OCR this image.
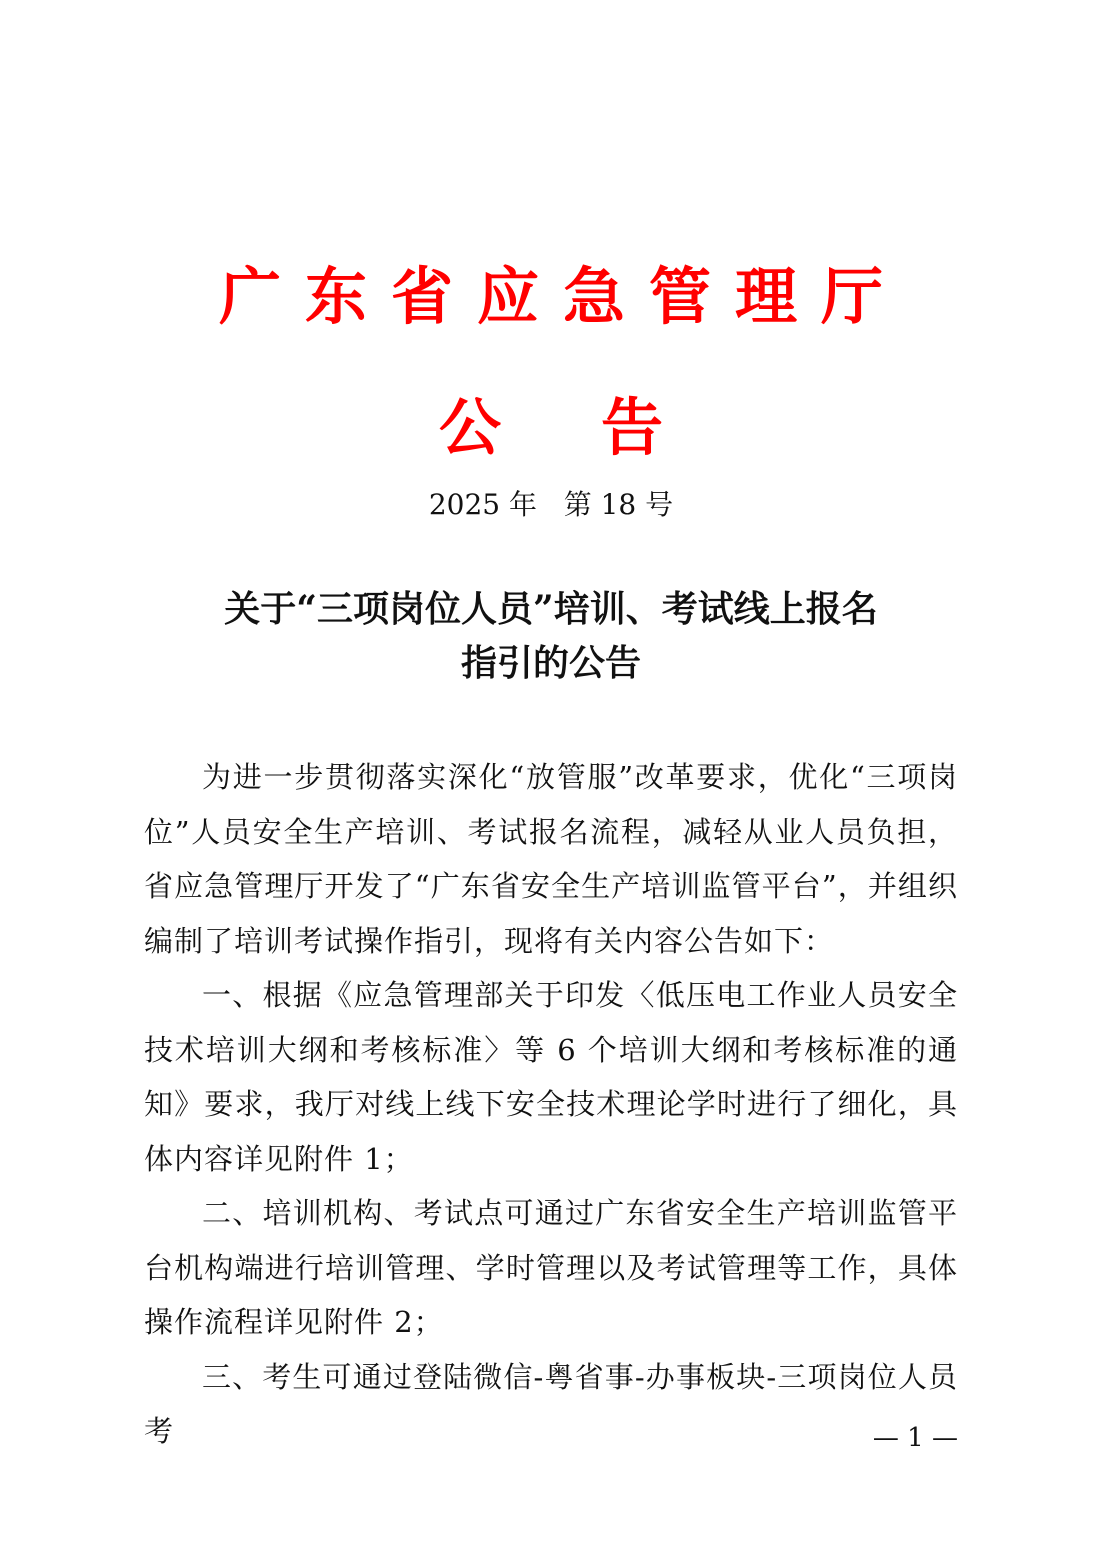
广东省应急管理厅
公告
2025 年   第 18 号
关于“三项岗位人员”培训、考试线上报名
指引的公告

为进一步贯彻落实深化“放管服”改革要求，优化“三项岗位”人员安全生产培训、考试报名流程，减轻从业人员负担，省应急管理厅开发了“广东省安全生产培训监管平台”，并组织编制了培训考试操作指引，现将有关内容公告如下：

一、根据《应急管理部关于印发〈低压电工作业人员安全技术培训大纲和考核标准〉等 6 个培训大纲和考核标准的通知》要求，我厅对线上线下安全技术理论学时进行了细化，具体内容详见附件 1；

二、培训机构、考试点可通过广东省安全生产培训监管平台机构端进行培训管理、学时管理以及考试管理等工作，具体操作流程详见附件 2；

三、考生可通过登陆微信-粤省事-办事板块-三项岗位人员考	— 1 —
